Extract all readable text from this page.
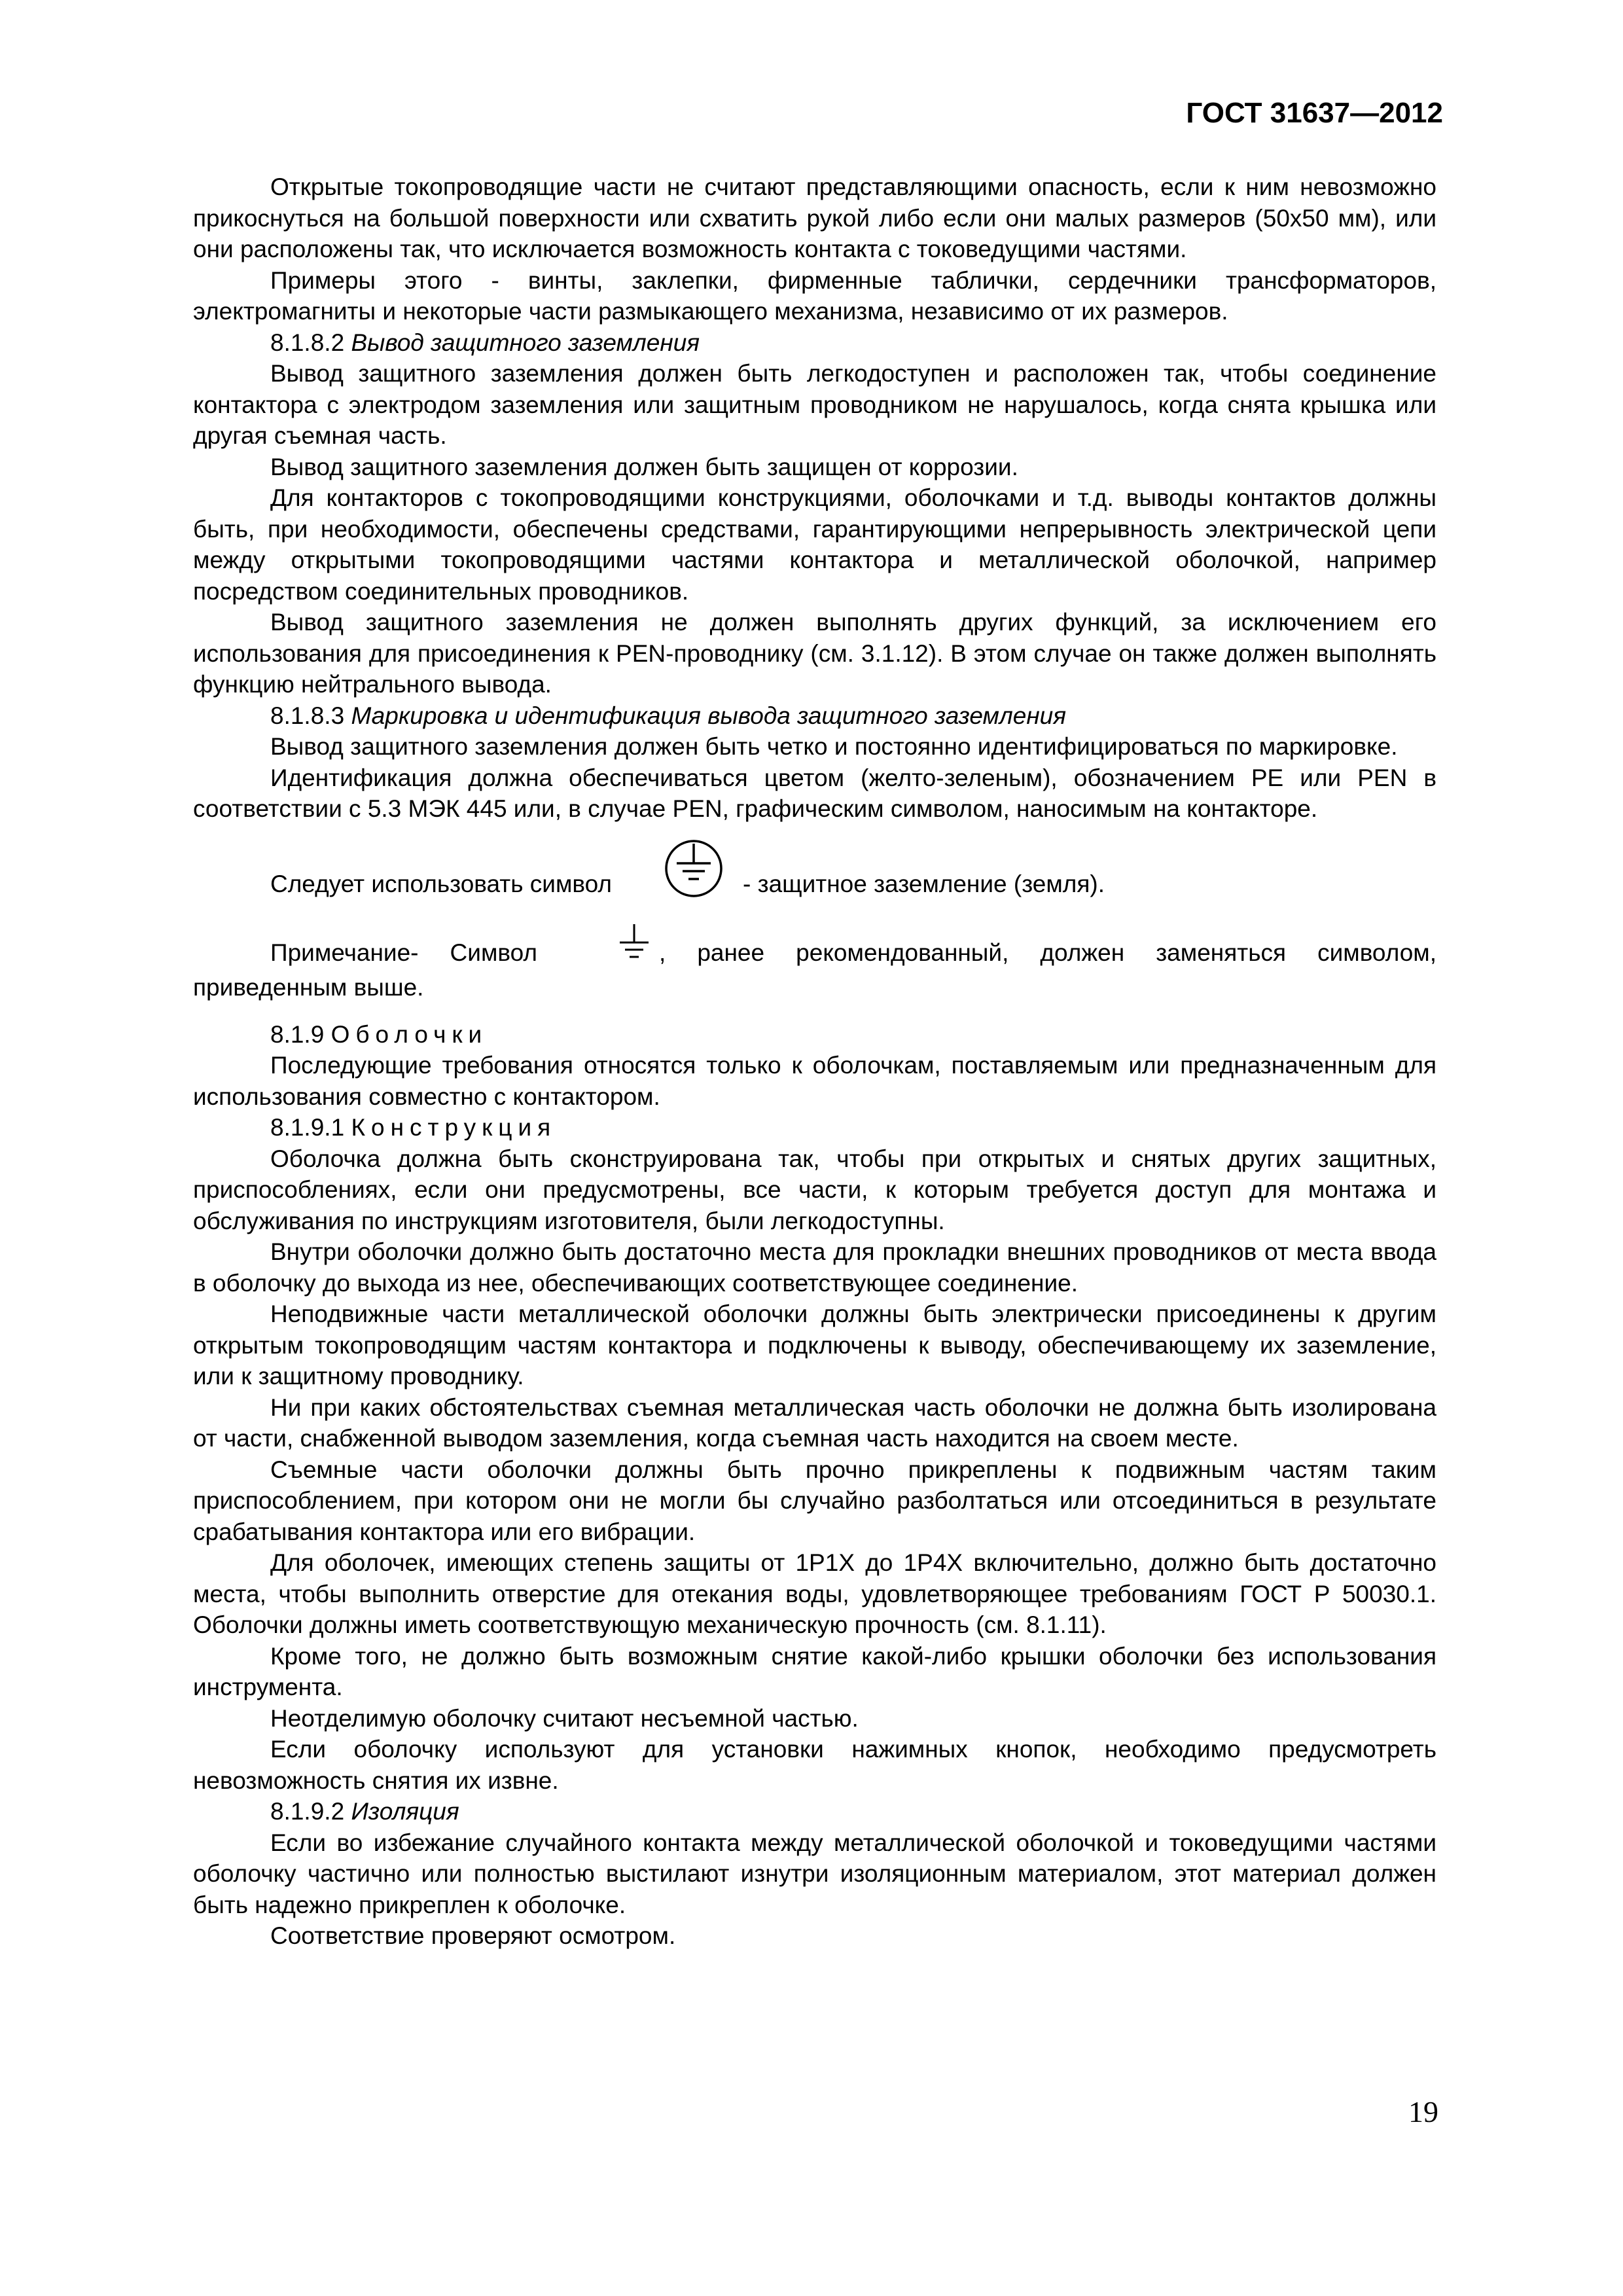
ГОСТ 31637—2012

Открытые токопроводящие части не считают представляющими опасность, если к ним невозможно прикоснуться на большой поверхности или схватить рукой либо если они малых размеров (50х50 мм), или они расположены так, что исключается возможность контакта с токоведущими частями.

Примеры этого - винты, заклепки, фирменные таблички, сердечники трансформаторов, электромагниты и некоторые части размыкающего механизма, независимо от их размеров.

8.1.8.2 Вывод защитного заземления

Вывод защитного заземления должен быть легкодоступен и расположен так, чтобы соединение контактора с электродом заземления или защитным проводником не нарушалось, когда снята крышка или другая съемная часть.

Вывод защитного заземления должен быть защищен от коррозии.

Для контакторов с токопроводящими конструкциями, оболочками и т.д. выводы контактов должны быть, при необходимости, обеспечены средствами, гарантирующими непрерывность электрической цепи между открытыми токопроводящими частями контактора и металлической оболочкой, например посредством соединительных проводников.

Вывод защитного заземления не должен выполнять других функций, за исключением его использования для присоединения к PEN-проводнику (см. 3.1.12). В этом случае он также должен выполнять функцию нейтрального вывода.

8.1.8.3 Маркировка и идентификация вывода защитного заземления

Вывод защитного заземления должен быть четко и постоянно идентифицироваться по маркировке.

Идентификация должна обеспечиваться цветом (желто-зеленым), обозначением PE или PEN в соответствии с 5.3 МЭК 445 или, в случае PEN, графическим символом, наносимым на контакторе.

Следует использовать символ	- защитное заземление (земля).

Примечание- Символ	, ранее рекомендованный, должен заменяться символом, приведенным выше.

8.1.9 Оболочки

Последующие требования относятся только к оболочкам, поставляемым или предназначенным для использования совместно с контактором.

8.1.9.1 Конструкция

Оболочка должна быть сконструирована так, чтобы при открытых и снятых других защитных, приспособлениях, если они предусмотрены, все части, к которым требуется доступ для монтажа и обслуживания по инструкциям изготовителя, были легкодоступны.

Внутри оболочки должно быть достаточно места для прокладки внешних проводников от места ввода в оболочку до выхода из нее, обеспечивающих соответствующее соединение.

Неподвижные части металлической оболочки должны быть электрически присоединены к другим открытым токопроводящим частям контактора и подключены к выводу, обеспечивающему их заземление, или к защитному проводнику.

Ни при каких обстоятельствах съемная металлическая часть оболочки не должна быть изолирована от части, снабженной выводом заземления, когда съемная часть находится на своем месте.

Съемные части оболочки должны быть прочно прикреплены к подвижным частям таким приспособлением, при котором они не могли бы случайно разболтаться или отсоединиться в результате срабатывания контактора или его вибрации.

Для оболочек, имеющих степень защиты от 1Р1Х до 1Р4Х включительно, должно быть достаточно места, чтобы выполнить отверстие для отекания воды, удовлетворяющее требованиям ГОСТ Р 50030.1. Оболочки должны иметь соответствующую механическую прочность (см. 8.1.11).

Кроме того, не должно быть возможным снятие какой-либо крышки оболочки без использования инструмента.

Неотделимую оболочку считают несъемной частью.

Если оболочку используют для установки нажимных кнопок, необходимо предусмотреть невозможность снятия их извне.

8.1.9.2 Изоляция

Если во избежание случайного контакта между металлической оболочкой и токоведущими частями оболочку частично или полностью выстилают изнутри изоляционным материалом, этот материал должен быть надежно прикреплен к оболочке.

Соответствие проверяют осмотром.

19
